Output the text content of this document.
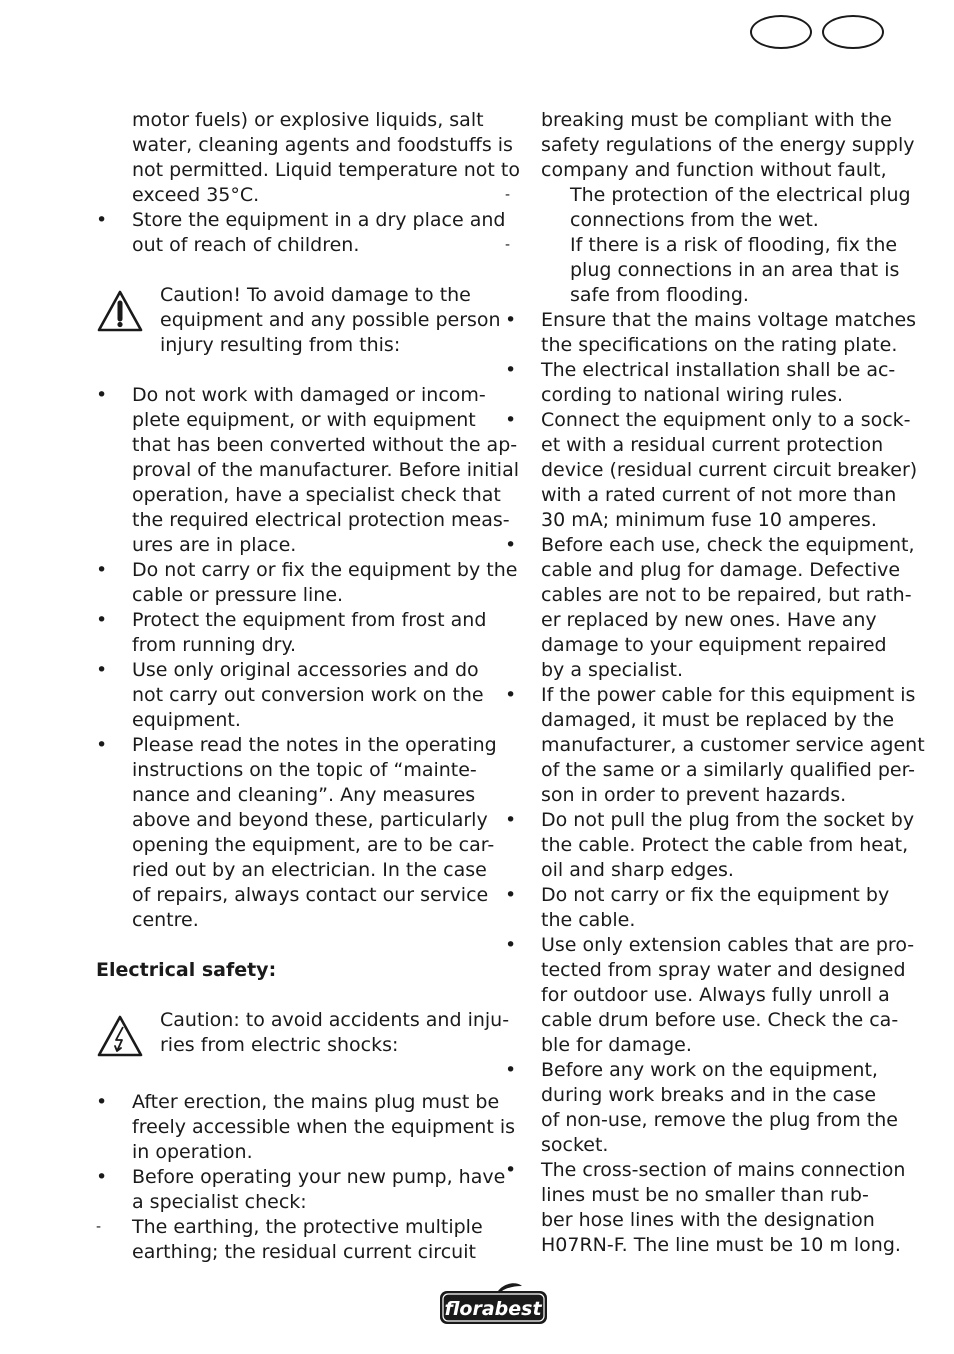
motor fuels) or explosive liquids, salt
water, cleaning agents and foodstuffs is
not permitted. Liquid temperature not to
exceed 35°C.
•	Store the equipment in a dry place and
out of reach of children.
Caution! To avoid damage to the
equipment and any possible person
injury resulting from this:
•	Do not work with damaged or incom-
plete equipment, or with equipment
that has been converted without the ap-
proval of the manufacturer. Before initial
operation, have a specialist check that
the required electrical protection meas-
ures are in place.
•	Do not carry or fix the equipment by the
cable or pressure line.
•	Protect the equipment from frost and
from running dry.
•	Use only original accessories and do
not carry out conversion work on the
equipment.
•	Please read the notes in the operating
instructions on the topic of “mainte-
nance and cleaning”. Any measures
above and beyond these, particularly
opening the equipment, are to be car-
ried out by an electrician. In the case
of repairs, always contact our service
centre.
Electrical safety:
Caution: to avoid accidents and inju-
ries from electric shocks:
•	After erection, the mains plug must be
freely accessible when the equipment is
in operation.
•	Before operating your new pump, have
a specialist check:
-	The earthing, the protective multiple
earthing; the residual current circuit
breaking must be compliant with the
safety regulations of the energy supply
company and function without fault,
-	The protection of the electrical plug
connections from the wet.
-	If there is a risk of flooding, fix the
plug connections in an area that is
safe from flooding.
•	Ensure that the mains voltage matches
the specifications on the rating plate.
•	The electrical installation shall be ac-
cording to national wiring rules.
•	Connect the equipment only to a sock-
et with a residual current protection
device (residual current circuit breaker)
with a rated current of not more than
30 mA; minimum fuse 10 amperes.
•	Before each use, check the equipment,
cable and plug for damage. Defective
cables are not to be repaired, but rath-
er replaced by new ones. Have any
damage to your equipment repaired
by a specialist.
•	If the power cable for this equipment is
damaged, it must be replaced by the
manufacturer, a customer service agent
of the same or a similarly qualified per-
son in order to prevent hazards.
•	Do not pull the plug from the socket by
the cable. Protect the cable from heat,
oil and sharp edges.
•	Do not carry or fix the equipment by
the cable.
•	Use only extension cables that are pro-
tected from spray water and designed
for outdoor use. Always fully unroll a
cable drum before use. Check the ca-
ble for damage.
•	Before any work on the equipment,
during work breaks and in the case
of non-use, remove the plug from the
socket.
•	The cross-section of mains connection
lines must be no smaller than rub-
ber hose lines with the designation
H07RN-F. The line must be 10 m long.
florabest
